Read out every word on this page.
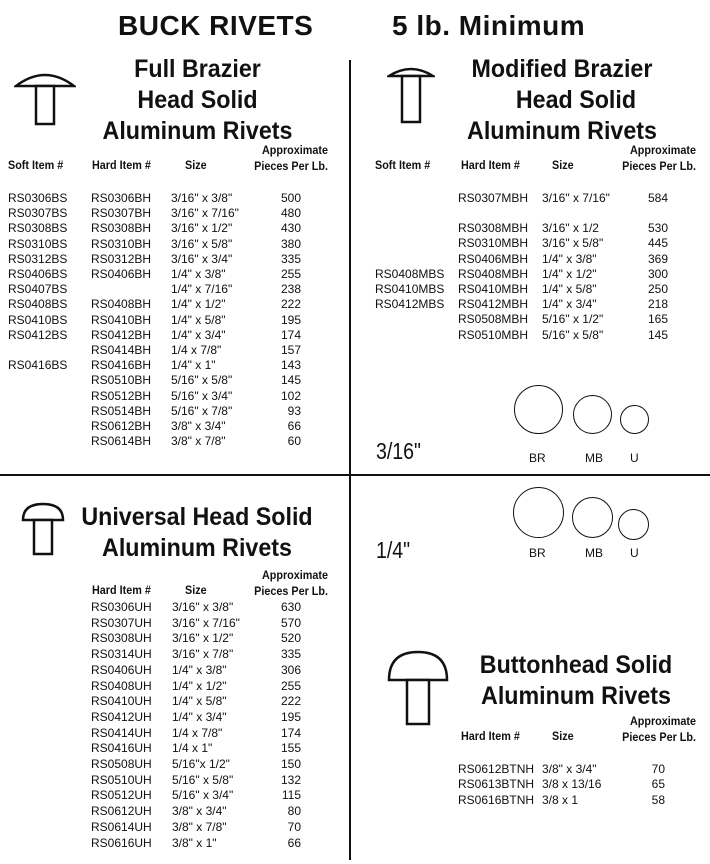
BUCK RIVETS	5 lb. Minimum
Full Brazier
Head Solid
Aluminum Rivets
Soft Item # Hard Item #	Size
Approximate
Pieces Per Lb.
RS0306BS RS0306BH 3/16" x 3/8"	500
RS0307BS RS0307BH 3/16" x 7/16"	480
RS0308BS RS0308BH 3/16" x 1/2"	430
RS0310BS RS0310BH 3/16" x 5/8"	380
RS0312BS RS0312BH 3/16" x 3/4"	335
RS0406BS RS0406BH 1/4" x 3/8"	255
RS0407BS	1/4" x 7/16"	238
RS0408BS RS0408BH 1/4" x 1/2"	222
RS0410BS RS0410BH 1/4" x 5/8"	195
RS0412BS RS0412BH 1/4" x 3/4"	174
RS0414BH 1/4 x 7/8"	157
RS0416BS RS0416BH 1/4" x 1"	143
RS0510BH 5/16" x 5/8"	145
RS0512BH 5/16" x 3/4"	102
RS0514BH 5/16" x 7/8"	93
RS0612BH 3/8" x 3/4"	66
RS0614BH 3/8" x 7/8"	60
Modified Brazier
Head Solid
Aluminum Rivets
Soft Item #	Hard Item #	Size
Approximate
Pieces Per Lb.
RS0307MBH 3/16" x 7/16"	584
RS0308MBH 3/16" x 1/2	530
RS0310MBH 3/16" x 5/8"	445
RS0406MBH 1/4" x 3/8"	369
RS0408MBS RS0408MBH 1/4" x 1/2"	300
RS0410MBS RS0410MBH 1/4" x 5/8"	250
RS0412MBS RS0412MBH 1/4" x 3/4"	218
RS0508MBH 5/16" x 1/2"	165
RS0510MBH 5/16" x 5/8"	145
3/16"	BR	MB U
1/4"	BR	MB U
Universal Head Solid
Aluminum Rivets
Hard Item #	Size
Approximate
Pieces Per Lb.
RS0306UH 3/16" x 3/8"	630
RS0307UH 3/16" x 7/16"	570
RS0308UH 3/16" x 1/2"	520
RS0314UH 3/16" x 7/8"	335
RS0406UH 1/4" x 3/8"	306
RS0408UH 1/4" x 1/2"	255
RS0410UH 1/4" x 5/8"	222
RS0412UH 1/4" x 3/4"	195
RS0414UH 1/4 x 7/8"	174
RS0416UH 1/4 x 1"	155
RS0508UH 5/16"x 1/2"	150
RS0510UH 5/16" x 5/8"	132
RS0512UH 5/16" x 3/4"	115
RS0612UH 3/8" x 3/4"	80
RS0614UH 3/8" x 7/8"	70
RS0616UH 3/8" x 1"	66
Buttonhead Solid
Aluminum Rivets
Hard Item #	Size
Approximate
Pieces Per Lb.
RS0612BTNH 3/8" x 3/4"	70
RS0613BTNH 3/8 x 13/16	65
RS0616BTNH 3/8 x 1	58
